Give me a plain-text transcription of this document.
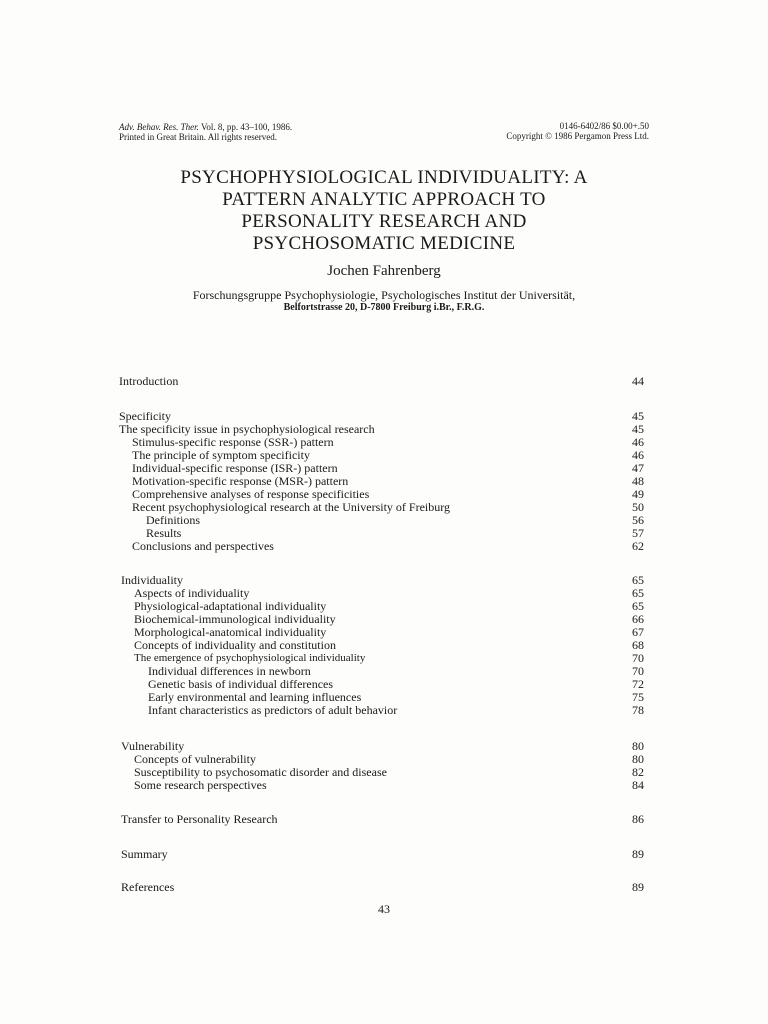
Adv. Behav. Res. Ther. Vol. 8, pp. 43–100, 1986.
Printed in Great Britain. All rights reserved.
0146-6402/86 $0.00+.50
Copyright © 1986 Pergamon Press Ltd.
PSYCHOPHYSIOLOGICAL INDIVIDUALITY: A
PATTERN ANALYTIC APPROACH TO
PERSONALITY RESEARCH AND
PSYCHOSOMATIC MEDICINE
Jochen Fahrenberg
Forschungsgruppe Psychophysiologie, Psychologisches Institut der Universität,
Belfortstrasse 20, D-7800 Freiburg i.Br., F.R.G.
Introduction	44
Specificity	45
The specificity issue in psychophysiological research	45
Stimulus-specific response (SSR-) pattern	46
The principle of symptom specificity	46
Individual-specific response (ISR-) pattern	47
Motivation-specific response (MSR-) pattern	48
Comprehensive analyses of response specificities	49
Recent psychophysiological research at the University of Freiburg	50
Definitions	56
Results	57
Conclusions and perspectives	62
Individuality	65
Aspects of individuality	65
Physiological-adaptational individuality	65
Biochemical-immunological individuality	66
Morphological-anatomical individuality	67
Concepts of individuality and constitution	68
The emergence of psychophysiological individuality	70
Individual differences in newborn	70
Genetic basis of individual differences	72
Early environmental and learning influences	75
Infant characteristics as predictors of adult behavior	78
Vulnerability	80
Concepts of vulnerability	80
Susceptibility to psychosomatic disorder and disease	82
Some research perspectives	84
Transfer to Personality Research	86
Summary	89
References	89
43
